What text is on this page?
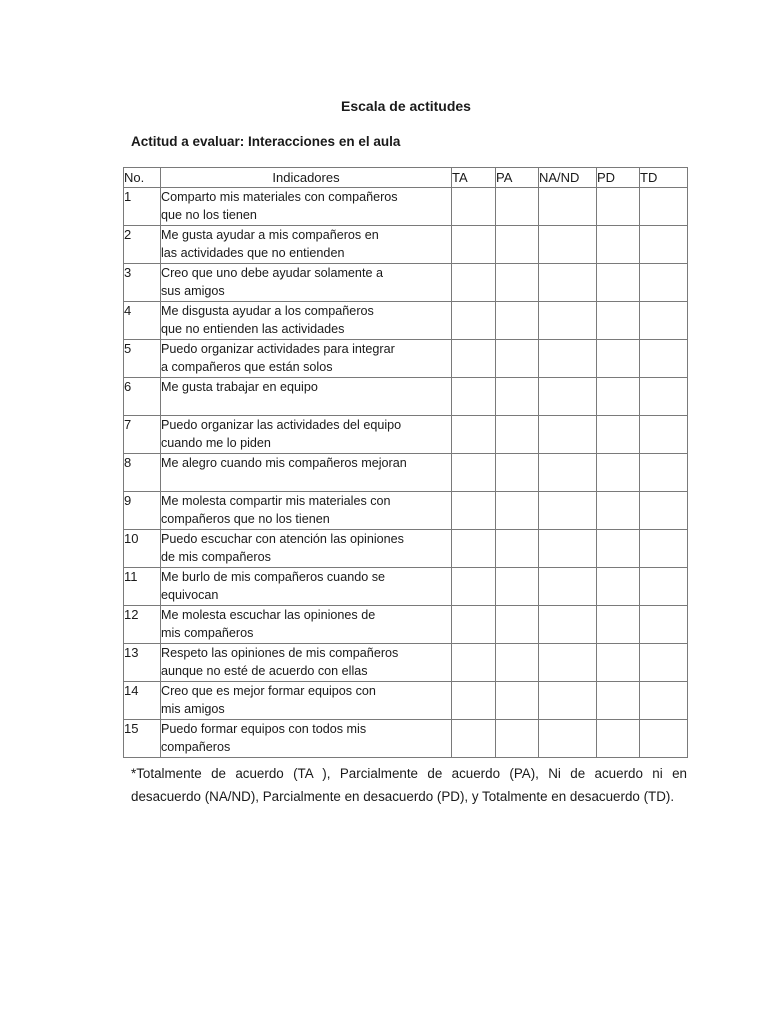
Escala de actitudes
Actitud a evaluar: Interacciones en el aula
No.	Indicadores	TA	PA	NA/ND	PD	TD
1	Comparto mis materiales con compañeros
que no los tienen					

2	Me gusta ayudar a mis compañeros en
las actividades que no entienden					

3	Creo que uno debe ayudar solamente a
sus amigos					

4	Me disgusta ayudar a los compañeros
que no entienden las actividades					

5	Puedo organizar actividades para integrar
a compañeros que están solos					

6	Me gusta trabajar en equipo					

7	Puedo organizar las actividades del equipo
cuando me lo piden					

8	Me alegro cuando mis compañeros mejoran					

9	Me molesta compartir mis materiales con
compañeros que no los tienen					

10	Puedo escuchar con atención las opiniones
de mis compañeros					

11	Me burlo de mis compañeros cuando se
equivocan					

12	Me molesta escuchar las opiniones de
mis compañeros					

13	Respeto las opiniones de mis compañeros
aunque no esté de acuerdo con ellas					

14	Creo que es mejor formar equipos con
mis amigos					

15	Puedo formar equipos con todos mis
compañeros					

*Totalmente de acuerdo (TA ), Parcialmente de acuerdo (PA), Ni de acuerdo ni en desacuerdo (NA/ND), Parcialmente en desacuerdo (PD), y Totalmente en desacuerdo (TD).
